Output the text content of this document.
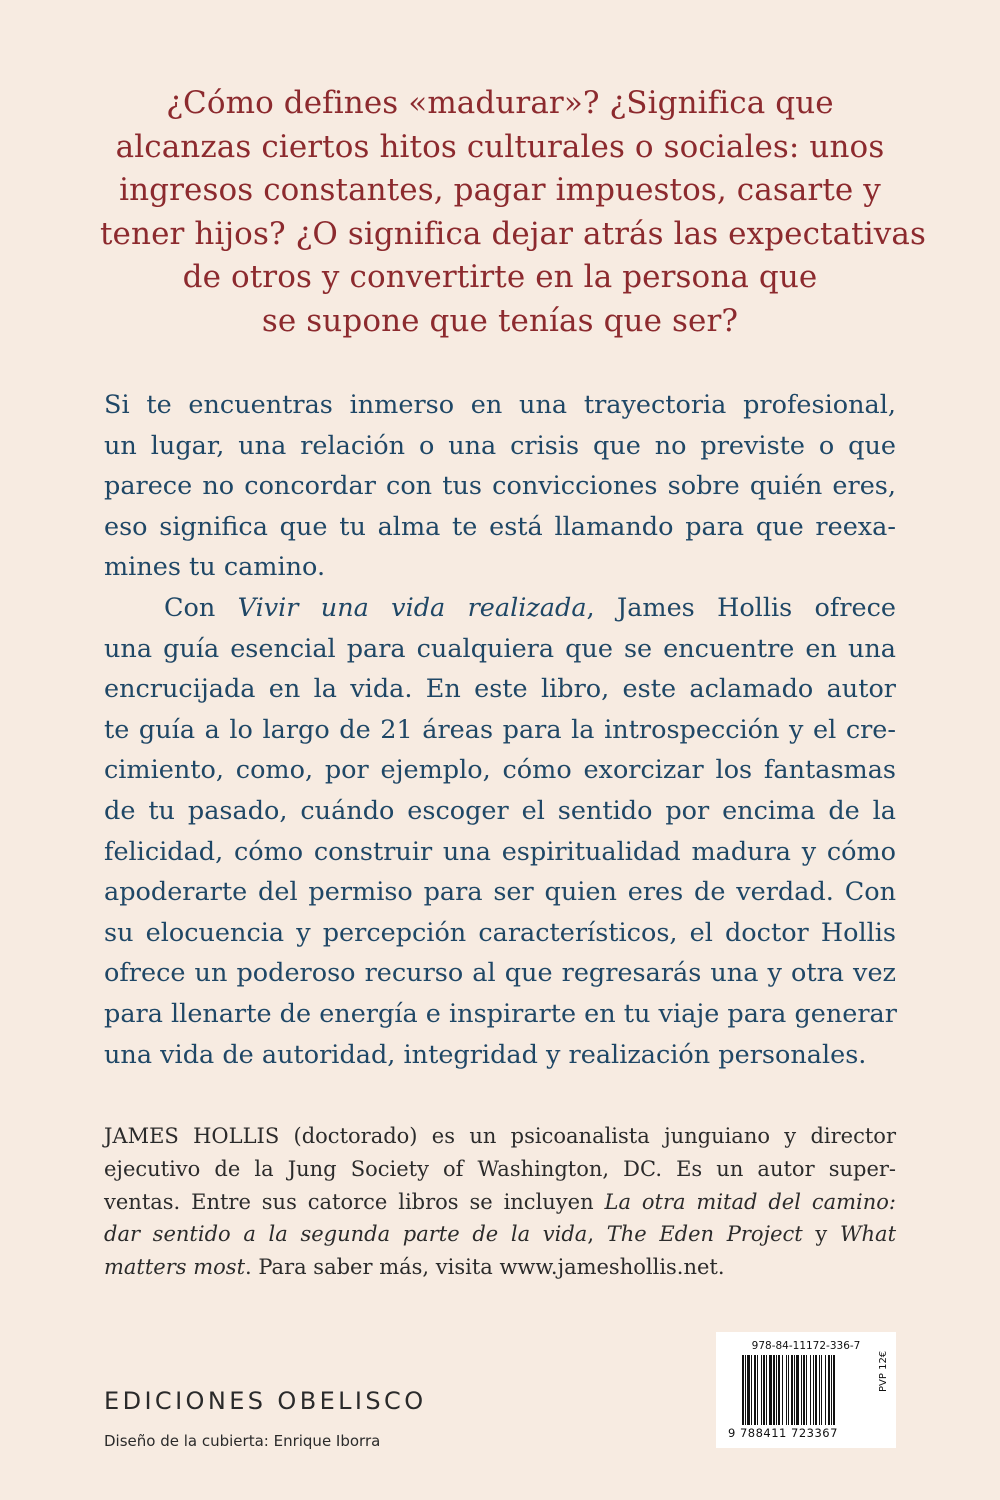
¿Cómo defines «madurar»? ¿Significa que
alcanzas ciertos hitos culturales o sociales: unos
ingresos constantes, pagar impuestos, casarte y
tener hijos? ¿O significa dejar atrás las expectativas
de otros y convertirte en la persona que
se supone que tenías que ser?
Si te encuentras inmerso en una trayectoria profesional,
un lugar, una relación o una crisis que no previste o que
parece no concordar con tus convicciones sobre quién eres,
eso significa que tu alma te está llamando para que reexa-
mines tu camino.
Con Vivir una vida realizada, James Hollis ofrece
una guía esencial para cualquiera que se encuentre en una
encrucijada en la vida. En este libro, este aclamado autor
te guía a lo largo de 21 áreas para la introspección y el cre-
cimiento, como, por ejemplo, cómo exorcizar los fantasmas
de tu pasado, cuándo escoger el sentido por encima de la
felicidad, cómo construir una espiritualidad madura y cómo
apoderarte del permiso para ser quien eres de verdad. Con
su elocuencia y percepción característicos, el doctor Hollis
ofrece un poderoso recurso al que regresarás una y otra vez
para llenarte de energía e inspirarte en tu viaje para generar
una vida de autoridad, integridad y realización personales.
JAMES HOLLIS (doctorado) es un psicoanalista junguiano y director
ejecutivo de la Jung Society of Washington, DC. Es un autor super-
ventas. Entre sus catorce libros se incluyen La otra mitad del camino:
dar sentido a la segunda parte de la vida, The Eden Project y What
matters most. Para saber más, visita www.jameshollis.net.
EDICIONES OBELISCO
Diseño de la cubierta: Enrique Iborra
978-84-11172-336-7
9 788411 723367
PVP 12€
